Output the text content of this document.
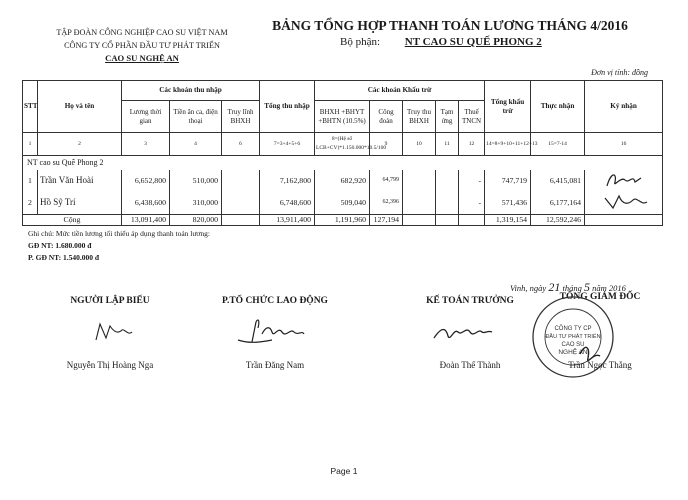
TẬP ĐOÀN CÔNG NGHIỆP CAO SU VIỆT NAM
CÔNG TY CỔ PHẦN ĐẦU TƯ PHÁT TRIỂN
CAO SU NGHỆ AN
BẢNG TỔNG HỢP THANH TOÁN LƯƠNG THÁNG 4/2016
Bộ phận: NT CAO SU QUẾ PHONG 2
Đơn vị tính: đồng
STT	Họ và tên	Các khoản thu nhập			Tổng thu nhập	Các khoản Khấu trừ					Tổng khấu trừ	Thực nhận	Ký nhận
		Lương thời gian	Tiền ăn ca, điện thoại	Truy lĩnh BHXH		BHXH +BHYT +BHTN (10.5%)	Công đoàn	Truy thu BHXH	Tạm ứng	Thuế TNCN			
1	2	3	4	6	7=3+4+5+6	8=(Hệ số LCB+CV)*1.150.000*10.5/100	9	10	11	12	14=8+9+10+11+12+13	15=7-14	16
NT cao su Quế Phong 2													
1	Trần Văn Hoài	6,652,800	510,000		7,162,800	682,920	64,799			-	747,719	6,415,081	
2	Hồ Sỹ Trí	6,438,600	310,000		6,748,600	509,040	62,396			-	571,436	6,177,164	
Cộng		13,091,400	820,000		13,911,400	1,191,960	127,194				1,319,154	12,592,246	
Ghi chú: Mức tiền lương tối thiểu áp dụng thanh toán lương:
GĐ NT: 1.680.000 đ
P. GĐ NT: 1.540.000 đ
Vinh, ngày 21 tháng 5 năm 2016
NGƯỜI LẬP BIỂU	P.TỔ CHỨC LAO ĐỘNG	KẾ TOÁN TRƯỞNG	TỔNG GIÁM ĐỐC
CÔNG TY CP
ĐẦU TƯ PHÁT TRIỂN
CAO SU
NGHỆ AN
Nguyễn Thị Hoàng Nga	Trần Đăng Nam	Đoàn Thế Thành	Trần Ngọc Thắng
Page 1
